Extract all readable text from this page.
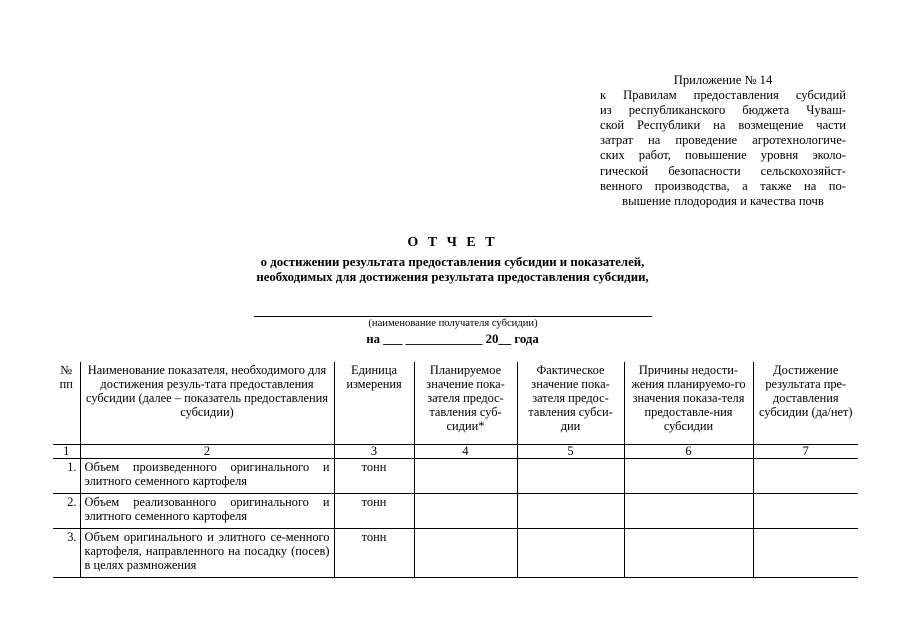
Приложение № 14

к Правилам предоставления субсидий

из республиканского бюджета Чуваш-

ской Республики на возмещение части

затрат на проведение агротехнологиче-

ских работ, повышение уровня эколо-

гической безопасности сельскохозяйст-

венного производства, а также на по-

вышение плодородия и качества почв

О Т Ч Е Т
о достижении результата предоставления субсидии и показателей,
необходимых для достижения результата предоставления субсидии,
(наименование получателя субсидии)
на ___ ____________ 20__ года
№ пп	Наименование показателя, необходимого для достижения резуль-тата предоставления субсидии (далее – показатель предоставления субсидии)	Единица измерения	Планируемое значение пока-зателя предос-тавления суб-сидии*	Фактическое значение пока-зателя предос-тавления субси-дии	Причины недости-жения планируемо-го значения показа-теля предоставле-ния субсидии	Достижение результата пре-доставления субсидии (да/нет)
1	2	3	4	5	6	7
1.	Объем произведенного оригинального и элитного семенного картофеля	тонн				
2.	Объем реализованного оригинального и элитного семенного картофеля	тонн				
3.	Объем оригинального и элитного се-менного картофеля, направленного на посадку (посев) в целях размножения	тонн				
